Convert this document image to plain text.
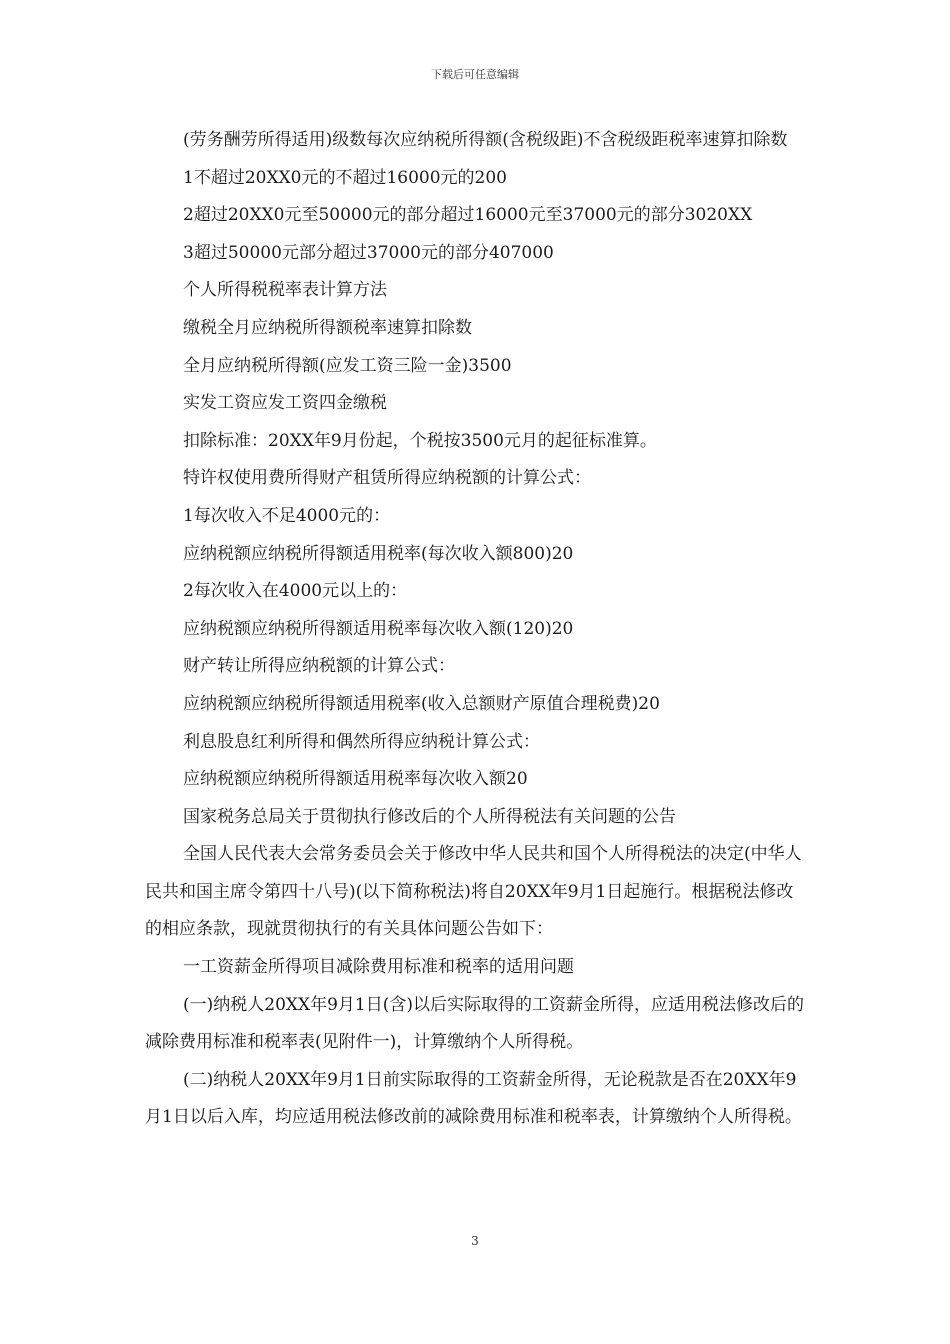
下载后可任意编辑

(劳务酬劳所得适用)级数每次应纳税所得额(含税级距)不含税级距税率速算扣除数

1不超过20XX0元的不超过16000元的200

2超过20XX0元至50000元的部分超过16000元至37000元的部分3020XX

3超过50000元部分超过37000元的部分407000

个人所得税税率表计算方法

缴税全月应纳税所得额税率速算扣除数

全月应纳税所得额(应发工资三险一金)3500

实发工资应发工资四金缴税

扣除标准：20XX年9月份起，个税按3500元月的起征标准算。

特许权使用费所得财产租赁所得应纳税额的计算公式：

1每次收入不足4000元的：

应纳税额应纳税所得额适用税率(每次收入额800)20

2每次收入在4000元以上的：

应纳税额应纳税所得额适用税率每次收入额(120)20

财产转让所得应纳税额的计算公式：

应纳税额应纳税所得额适用税率(收入总额财产原值合理税费)20

利息股息红利所得和偶然所得应纳税计算公式：

应纳税额应纳税所得额适用税率每次收入额20

国家税务总局关于贯彻执行修改后的个人所得税法有关问题的公告

全国人民代表大会常务委员会关于修改中华人民共和国个人所得税法的决定(中华人民共和国主席令第四十八号)(以下简称税法)将自20XX年9月1日起施行。根据税法修改的相应条款，现就贯彻执行的有关具体问题公告如下：

一工资薪金所得项目减除费用标准和税率的适用问题

(一)纳税人20XX年9月1日(含)以后实际取得的工资薪金所得，应适用税法修改后的减除费用标准和税率表(见附件一)，计算缴纳个人所得税。

(二)纳税人20XX年9月1日前实际取得的工资薪金所得，无论税款是否在20XX年9月1日以后入库，均应适用税法修改前的减除费用标准和税率表，计算缴纳个人所得税。

3
